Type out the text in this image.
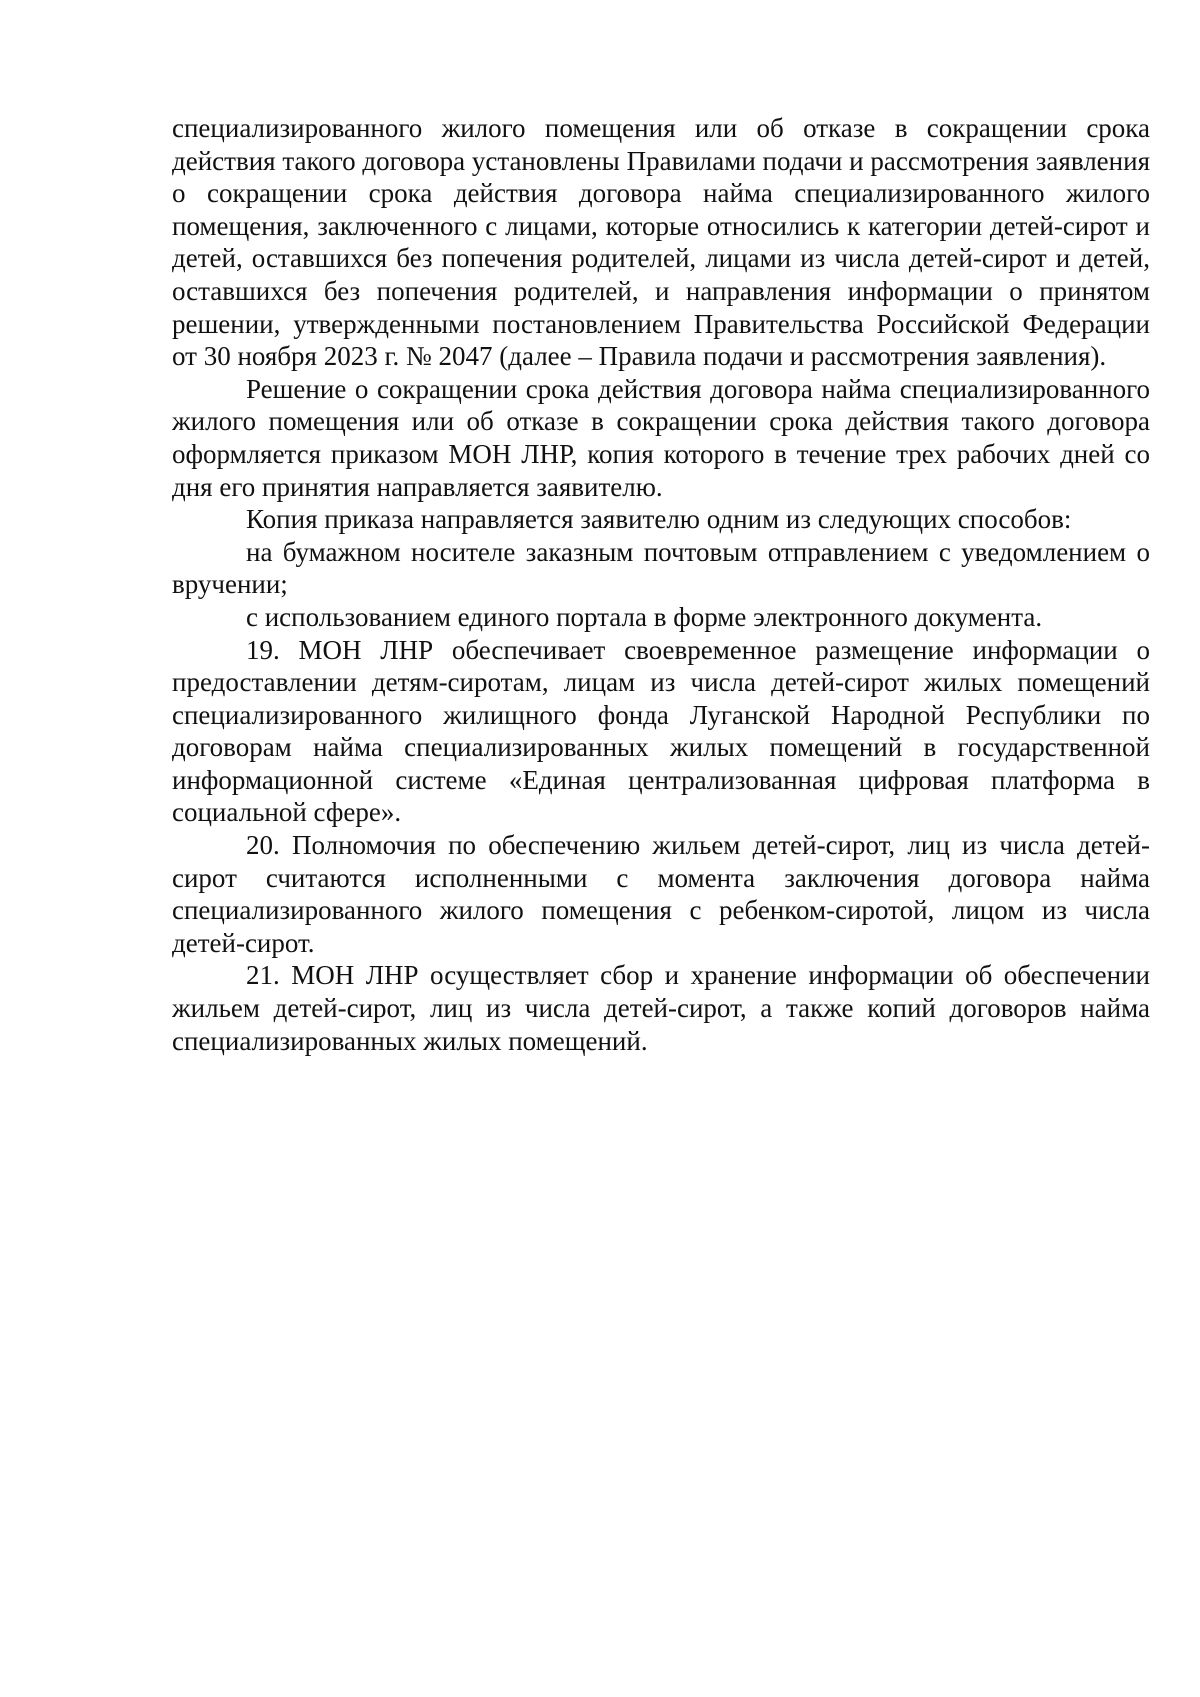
специализированного жилого помещения или об отказе в сокращении срока действия такого договора установлены Правилами подачи и рассмотрения заявления о сокращении срока действия договора найма специализированного жилого помещения, заключенного с лицами, которые относились к категории детей-сирот и детей, оставшихся без попечения родителей, лицами из числа детей-сирот и детей, оставшихся без попечения родителей, и направления информации о принятом решении, утвержденными постановлением Правительства Российской Федерации от 30 ноября 2023 г. № 2047 (далее – Правила подачи и рассмотрения заявления).

Решение о сокращении срока действия договора найма специализированного жилого помещения или об отказе в сокращении срока действия такого договора оформляется приказом МОН ЛНР, копия которого в течение трех рабочих дней со дня его принятия направляется заявителю.

Копия приказа направляется заявителю одним из следующих способов:

на бумажном носителе заказным почтовым отправлением с уведомлением о вручении;

с использованием единого портала в форме электронного документа.

19. МОН ЛНР обеспечивает своевременное размещение информации о предоставлении детям-сиротам, лицам из числа детей-сирот жилых помещений специализированного жилищного фонда Луганской Народной Республики по договорам найма специализированных жилых помещений в государственной информационной системе «Единая централизованная цифровая платформа в социальной сфере».

20. Полномочия по обеспечению жильем детей-сирот, лиц из числа детей-сирот считаются исполненными с момента заключения договора найма специализированного жилого помещения с ребенком-сиротой, лицом из числа детей-сирот.

21. МОН ЛНР осуществляет сбор и хранение информации об обеспечении жильем детей-сирот, лиц из числа детей-сирот, а также копий договоров найма специализированных жилых помещений.
